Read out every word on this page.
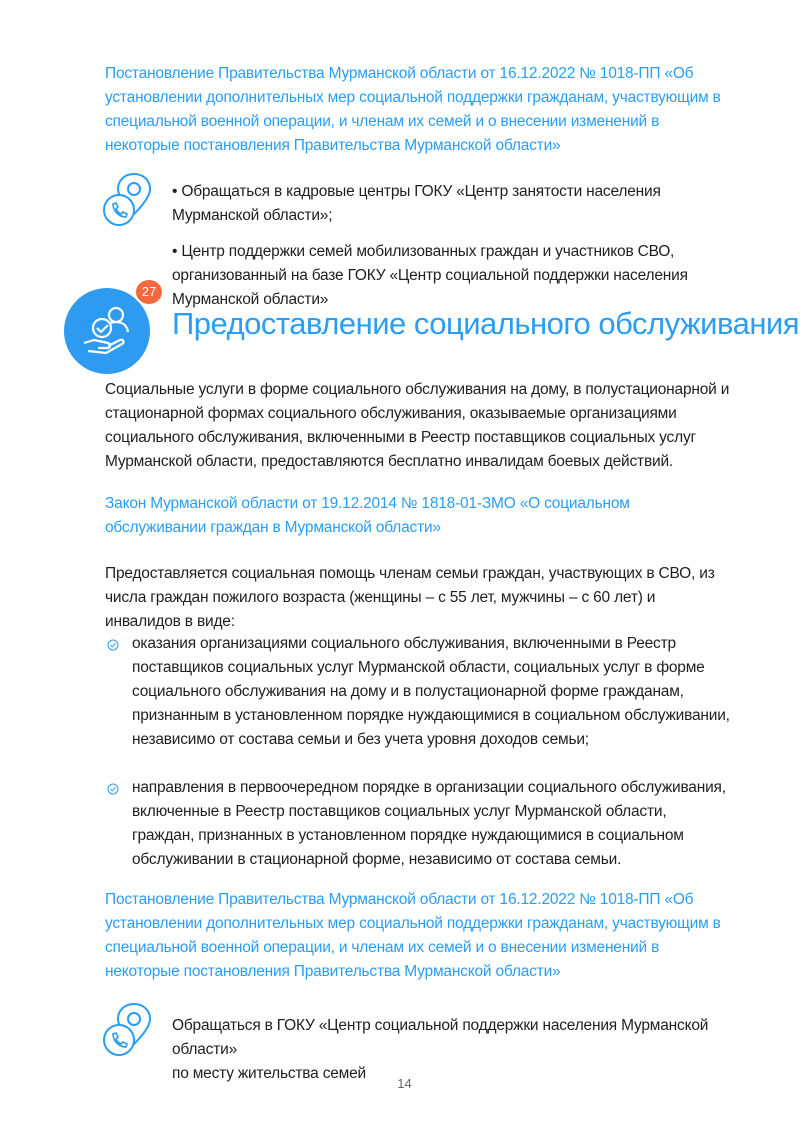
Постановление Правительства Мурманской области от 16.12.2022 № 1018-ПП «Об установлении дополнительных мер социальной поддержки гражданам, участвующим в специальной военной операции, и членам их семей и о внесении изменений в некоторые постановления Правительства Мурманской области»

• Обращаться в кадровые центры ГОКУ «Центр занятости населения Мурманской области»;

• Центр поддержки семей мобилизованных граждан и участников СВО, организованный на базе ГОКУ «Центр социальной поддержки населения Мурманской области»

27
Предоставление социального обслуживания
Социальные услуги в форме социального обслуживания на дому, в полустационарной и стационарной формах социального обслуживания, оказываемые организациями социального обслуживания, включенными в Реестр поставщиков социальных услуг Мурманской области, предоставляются бесплатно инвалидам боевых действий.
Закон Мурманской области от 19.12.2014 № 1818-01-ЗМО «О социальном обслуживании граждан в Мурманской области»
Предоставляется социальная помощь членам семьи граждан, участвующих в СВО, из числа граждан пожилого возраста (женщины – с 55 лет, мужчины – с 60 лет) и инвалидов в виде:
оказания организациями социального обслуживания, включенными в Реестр поставщиков социальных услуг Мурманской области, социальных услуг в форме социального обслуживания на дому и в полустационарной форме гражданам, признанным в установленном порядке нуждающимися в социальном обслуживании, независимо от состава семьи и без учета уровня доходов семьи;
направления в первоочередном порядке в организации социального обслуживания, включенные в Реестр поставщиков социальных услуг Мурманской области, граждан, признанных в установленном порядке нуждающимися в социальном обслуживании в стационарной форме, независимо от состава семьи.
Постановление Правительства Мурманской области от 16.12.2022 № 1018-ПП «Об установлении дополнительных мер социальной поддержки гражданам, участвующим в специальной военной операции, и членам их семей и о внесении изменений в некоторые постановления Правительства Мурманской области»
Обращаться в ГОКУ «Центр социальной поддержки населения Мурманской области»
по месту жительства семей
14
